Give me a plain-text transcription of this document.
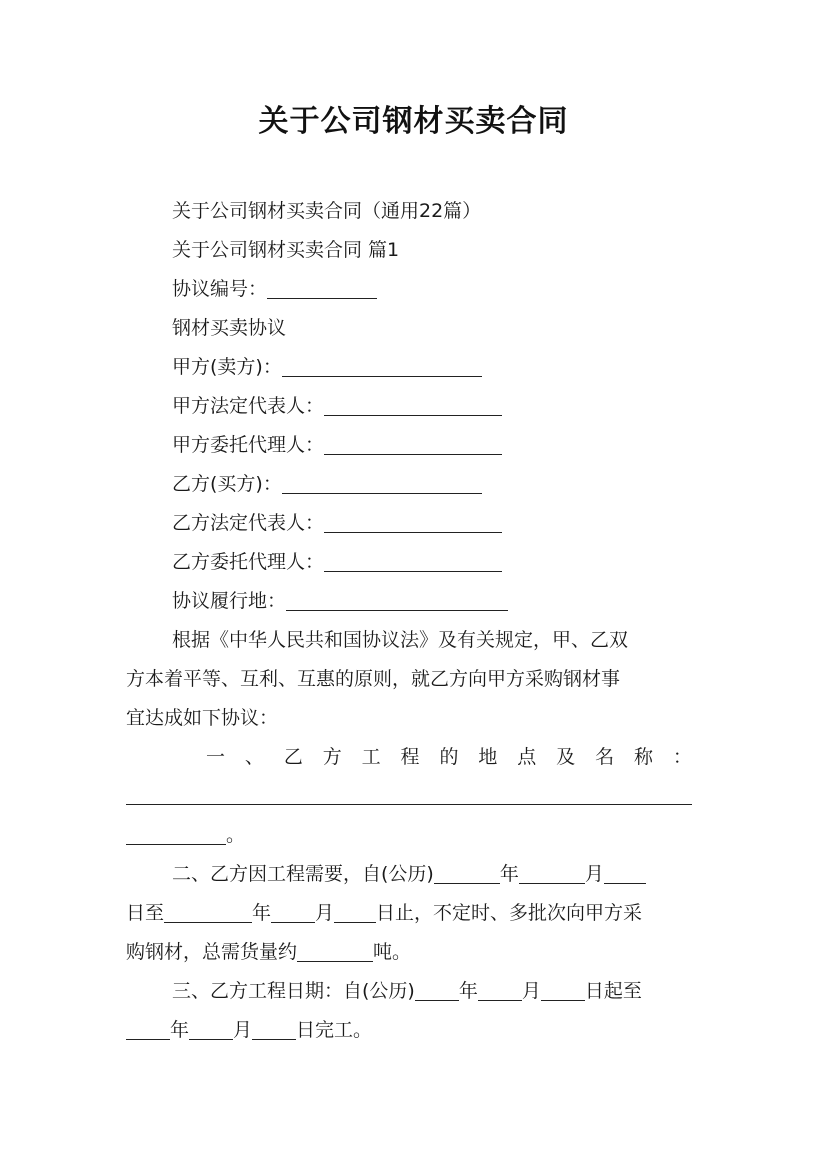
关于公司钢材买卖合同
关于公司钢材买卖合同（通用22篇）
关于公司钢材买卖合同 篇1
协议编号：
钢材买卖协议
甲方(卖方)：
甲方法定代表人：
甲方委托代理人：
乙方(买方)：
乙方法定代表人：
乙方委托代理人：
协议履行地：
根据《中华人民共和国协议法》及有关规定，甲、乙双
方本着平等、互利、互惠的原则，就乙方向甲方采购钢材事
宜达成如下协议：
一 、 乙 方 工 程 的 地 点 及 名 称 ：
。
二、乙方因工程需要，自(公历)	年	月
日至	年 月 日止，不定时、多批次向甲方采
购钢材，总需货量约	吨。
三、乙方工程日期：自(公历) 年 月 日起至
年 月 日完工。
